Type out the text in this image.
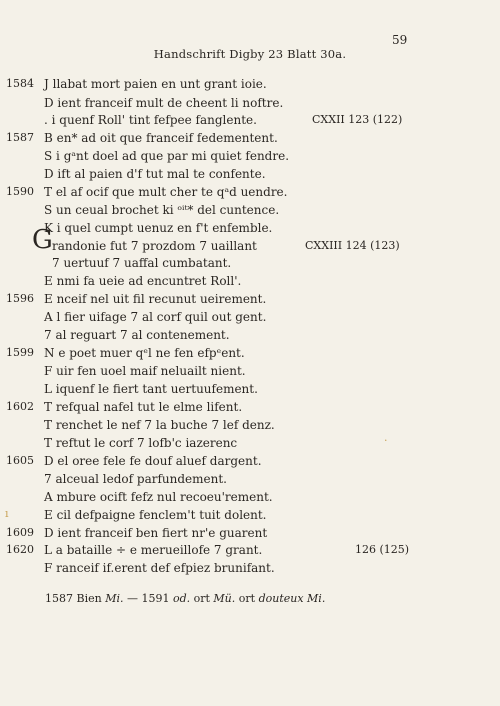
59
Handschrift Digby 23 Blatt 30a.
1584 J llabat mort paien en unt grant ioie.
D ient franceif mult de cheent li noftre.
. i quenf Roll' tint fefpee fanglente.	CXXII 123 (122)
1587 B en* ad oit que franceif fedementent.
S i gᵃnt doel ad que par mi quiet fendre.
D ift al paien d'f tut mal te confente.
1590 T el af ocif que mult cher te qᵃd uendre.
S un ceual brochet ki ᵒⁱᵗ* del cuntence.
K i quel cumpt uenuz en f't enfemble.
G randonie fut 7 prozdom 7 uaillant	CXXIII 124 (123)
7 uertuuf 7 uaffal cumbatant.
E nmi fa ueie ad encuntret Roll'.
1596 E nceif nel uit fil recunut ueirement.
A l fier uifage 7 al corf quil out gent.
7 al reguart 7 al contenement.
1599 N e poet muer qᵉl ne fen efpᵉent.
F uir fen uoel maif neluailt nient.
L iquenf le fiert tant uertuufement.
1602 T refqual nafel tut le elme lifent.
T renchet le nef 7 la buche 7 lef denz.
T reftut le corf 7 lofb'c iazerenc	·
1605 D el oree fele fe douf aluef dargent.
7 alceual ledof parfundement.
A mbure ocift fefz nul recoeu'rement.
ı	E cil defpaigne fenclem't tuit dolent.
1609 D ient franceif ben fiert nr'e guarent
1620 L a bataille ÷ e merueillofe 7 grant.	126 (125)
F ranceif if.erent def efpiez brunifant.
1587 Bien Mi. — 1591 od. ort Mü. ort douteux Mi.
